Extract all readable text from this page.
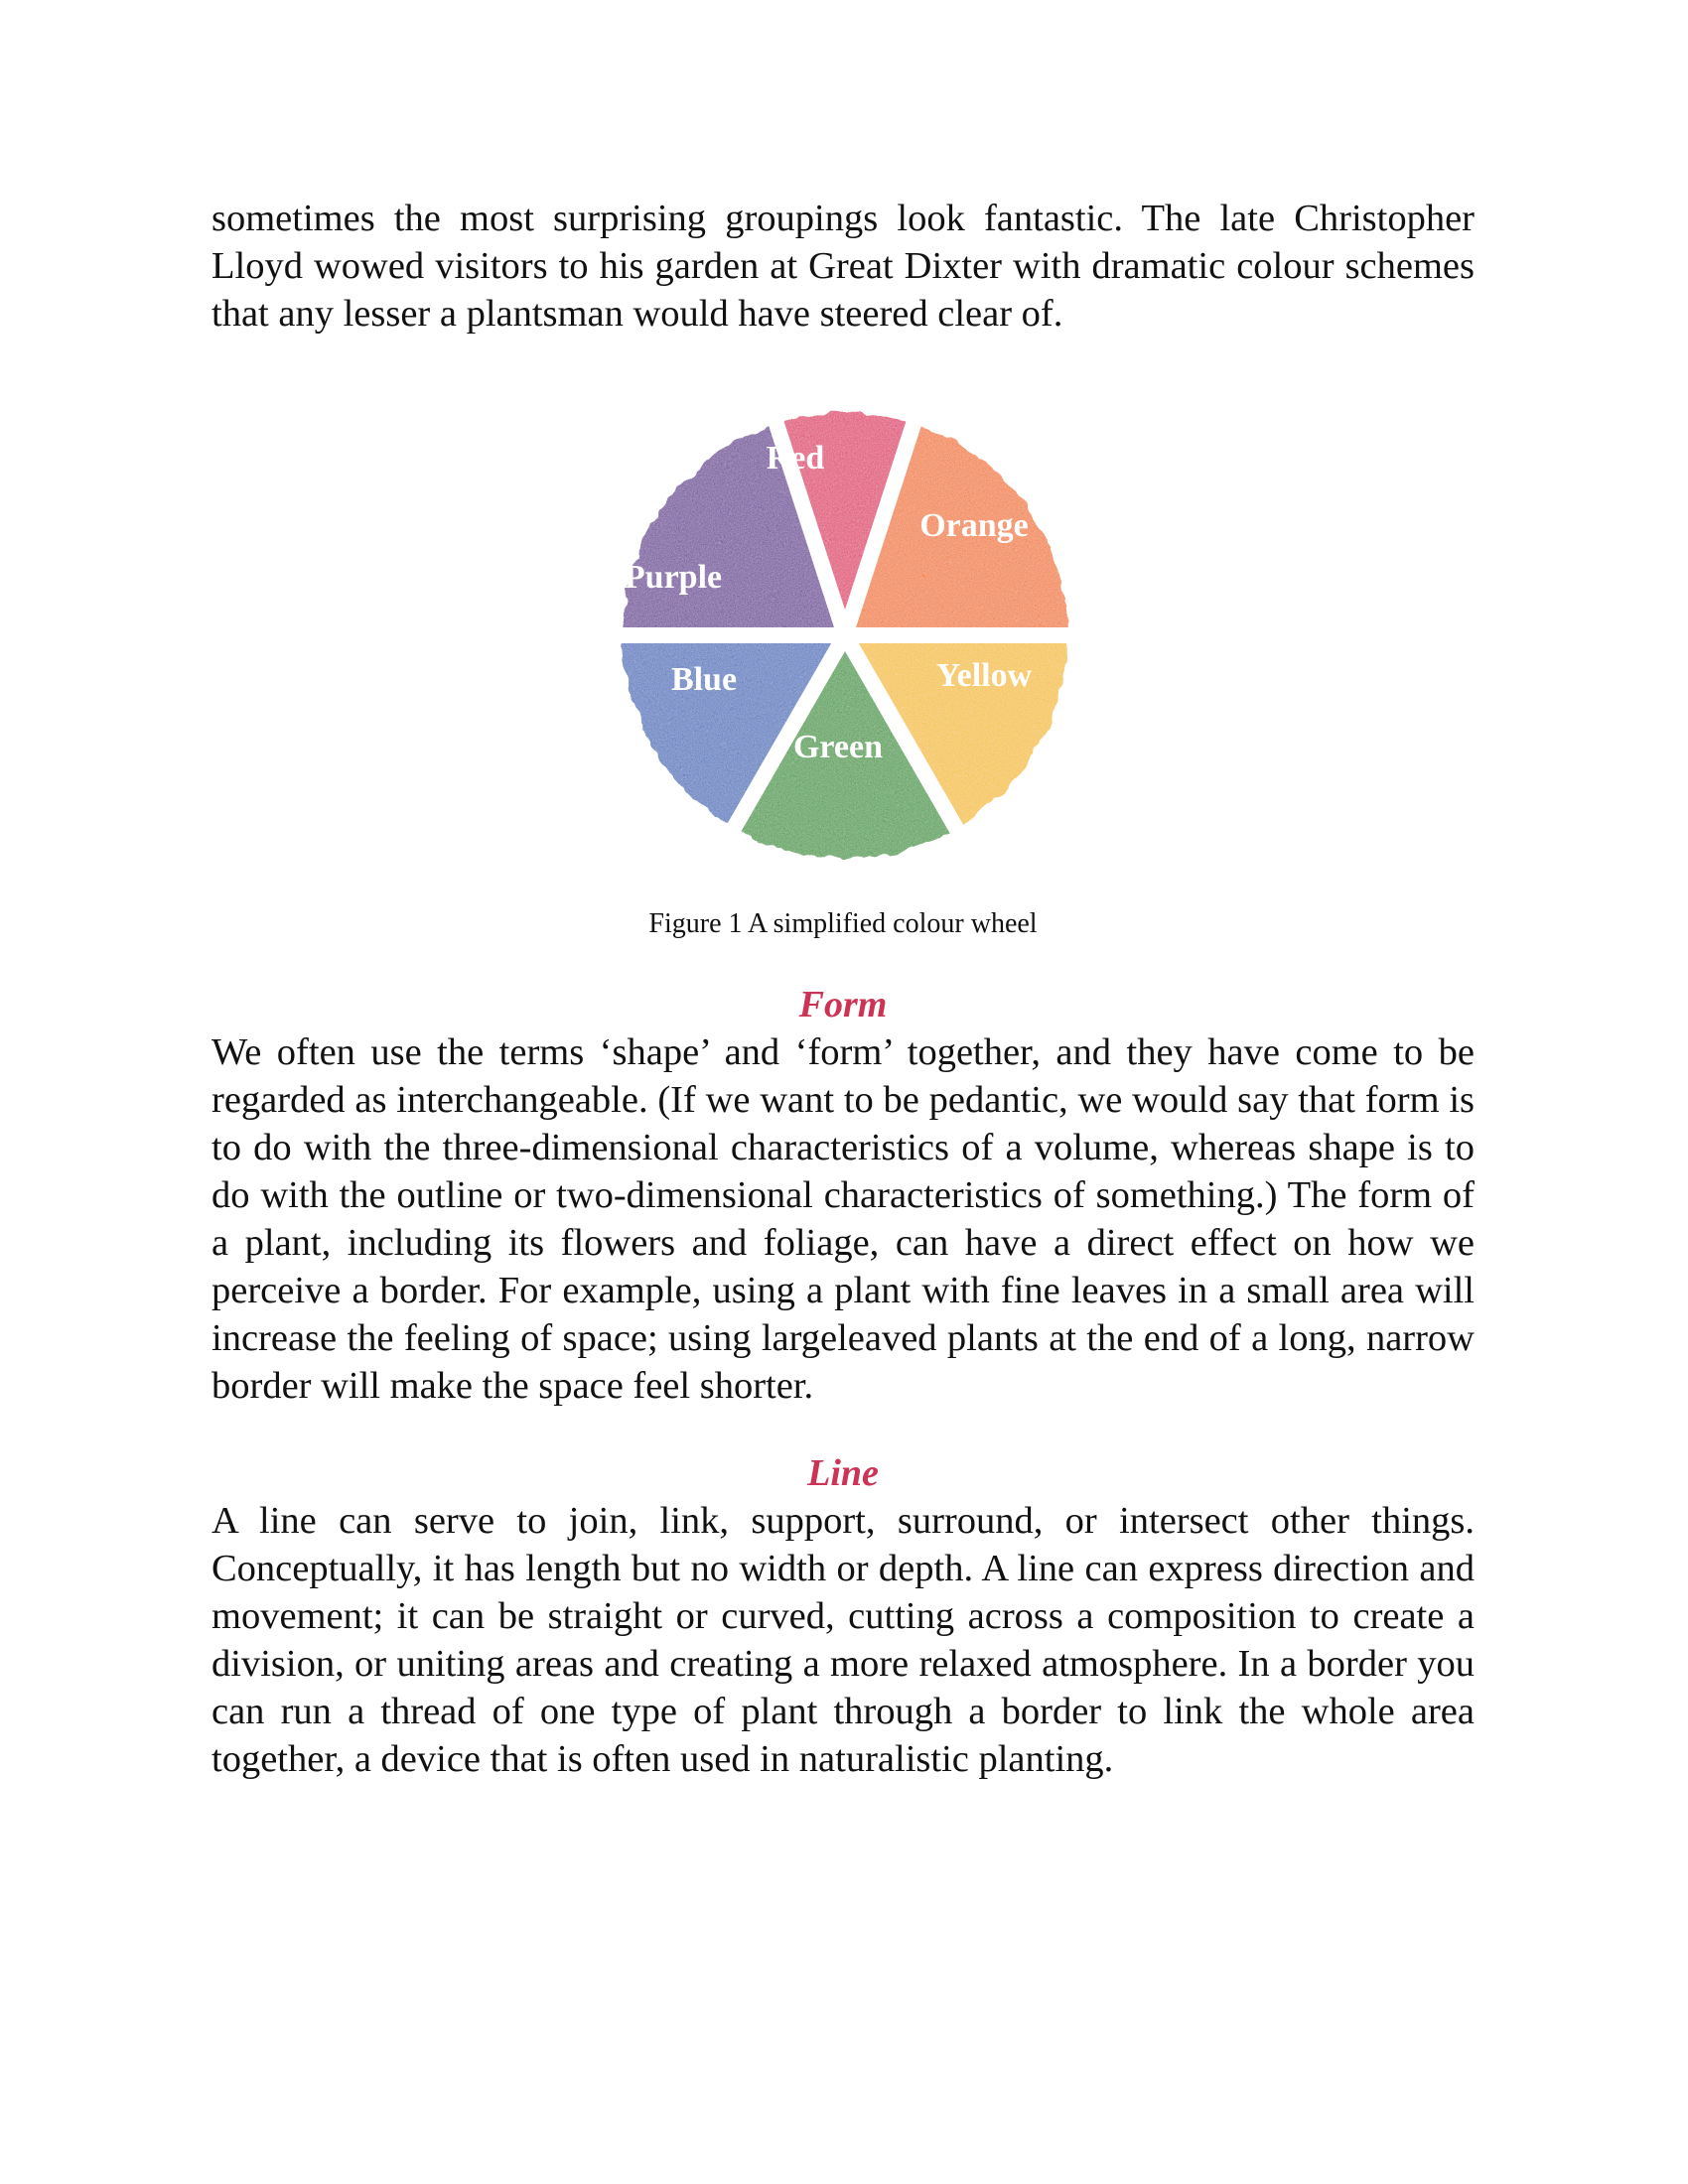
sometimes the most surprising groupings look fantastic. The late Christopher Lloyd wowed visitors to his garden at Great Dixter with dramatic colour schemes that any lesser a plantsman would have steered clear of.

Red
Orange
Yellow
Green
Blue
Purple
Figure 1 A simplified colour wheel
Form

We often use the terms ‘shape’ and ‘form’ together, and they have come to be regarded as interchangeable. (If we want to be pedantic, we would say that form is to do with the three-dimensional characteristics of a volume, whereas shape is to do with the outline or two-dimensional characteristics of something.) The form of a plant, including its flowers and foliage, can have a direct effect on how we perceive a border. For example, using a plant with fine leaves in a small area will increase the feeling of space; using largeleaved plants at the end of a long, narrow border will make the space feel shorter.

Line

A line can serve to join, link, support, surround, or intersect other things. Conceptually, it has length but no width or depth. A line can express direction and movement; it can be straight or curved, cutting across a composition to create a division, or uniting areas and creating a more relaxed atmosphere. In a border you can run a thread of one type of plant through a border to link the whole area together, a device that is often used in naturalistic planting.
